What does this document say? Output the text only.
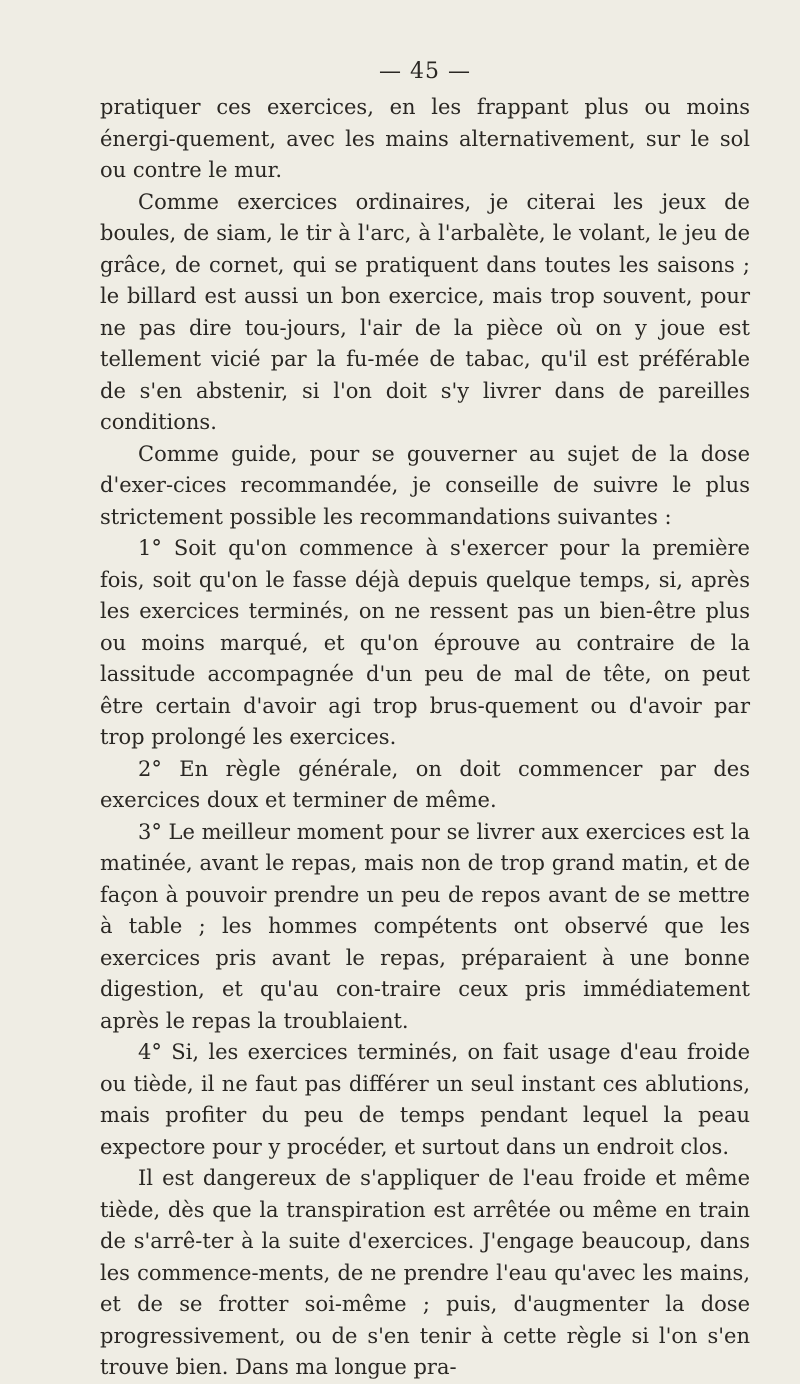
— 45 —

pratiquer ces exercices, en les frappant plus ou moins énergi-quement, avec les mains alternativement, sur le sol ou contre le mur.

Comme exercices ordinaires, je citerai les jeux de boules, de siam, le tir à l'arc, à l'arbalète, le volant, le jeu de grâce, de cornet, qui se pratiquent dans toutes les saisons ; le billard est aussi un bon exercice, mais trop souvent, pour ne pas dire tou-jours, l'air de la pièce où on y joue est tellement vicié par la fu-mée de tabac, qu'il est préférable de s'en abstenir, si l'on doit s'y livrer dans de pareilles conditions.

Comme guide, pour se gouverner au sujet de la dose d'exer-cices recommandée, je conseille de suivre le plus strictement possible les recommandations suivantes :

1° Soit qu'on commence à s'exercer pour la première fois, soit qu'on le fasse déjà depuis quelque temps, si, après les exercices terminés, on ne ressent pas un bien-être plus ou moins marqué, et qu'on éprouve au contraire de la lassitude accompagnée d'un peu de mal de tête, on peut être certain d'avoir agi trop brus-quement ou d'avoir par trop prolongé les exercices.

2° En règle générale, on doit commencer par des exercices doux et terminer de même.

3° Le meilleur moment pour se livrer aux exercices est la matinée, avant le repas, mais non de trop grand matin, et de façon à pouvoir prendre un peu de repos avant de se mettre à table ; les hommes compétents ont observé que les exercices pris avant le repas, préparaient à une bonne digestion, et qu'au con-traire ceux pris immédiatement après le repas la troublaient.

4° Si, les exercices terminés, on fait usage d'eau froide ou tiède, il ne faut pas différer un seul instant ces ablutions, mais profiter du peu de temps pendant lequel la peau expectore pour y procéder, et surtout dans un endroit clos.

Il est dangereux de s'appliquer de l'eau froide et même tiède, dès que la transpiration est arrêtée ou même en train de s'arrê-ter à la suite d'exercices. J'engage beaucoup, dans les commence-ments, de ne prendre l'eau qu'avec les mains, et de se frotter soi-même ; puis, d'augmenter la dose progressivement, ou de s'en tenir à cette règle si l'on s'en trouve bien. Dans ma longue pra-
